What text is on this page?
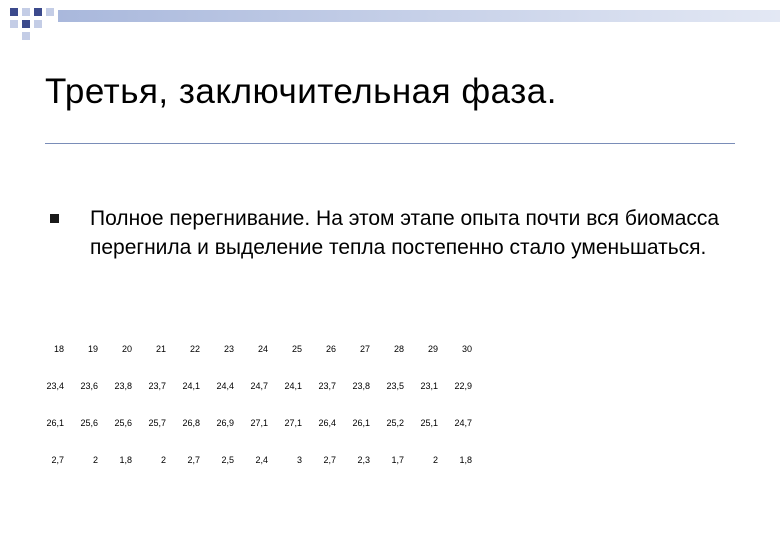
Третья, заключительная фаза.
Полное перегнивание. На этом этапе опыта почти вся биомасса перегнила и выделение тепла постепенно стало уменьшаться.
18	19	20	21	22	23	24	25	26	27	28	29	30
23,4	23,6	23,8	23,7	24,1	24,4	24,7	24,1	23,7	23,8	23,5	23,1	22,9
26,1	25,6	25,6	25,7	26,8	26,9	27,1	27,1	26,4	26,1	25,2	25,1	24,7
2,7	2	1,8	2	2,7	2,5	2,4	3	2,7	2,3	1,7	2	1,8
